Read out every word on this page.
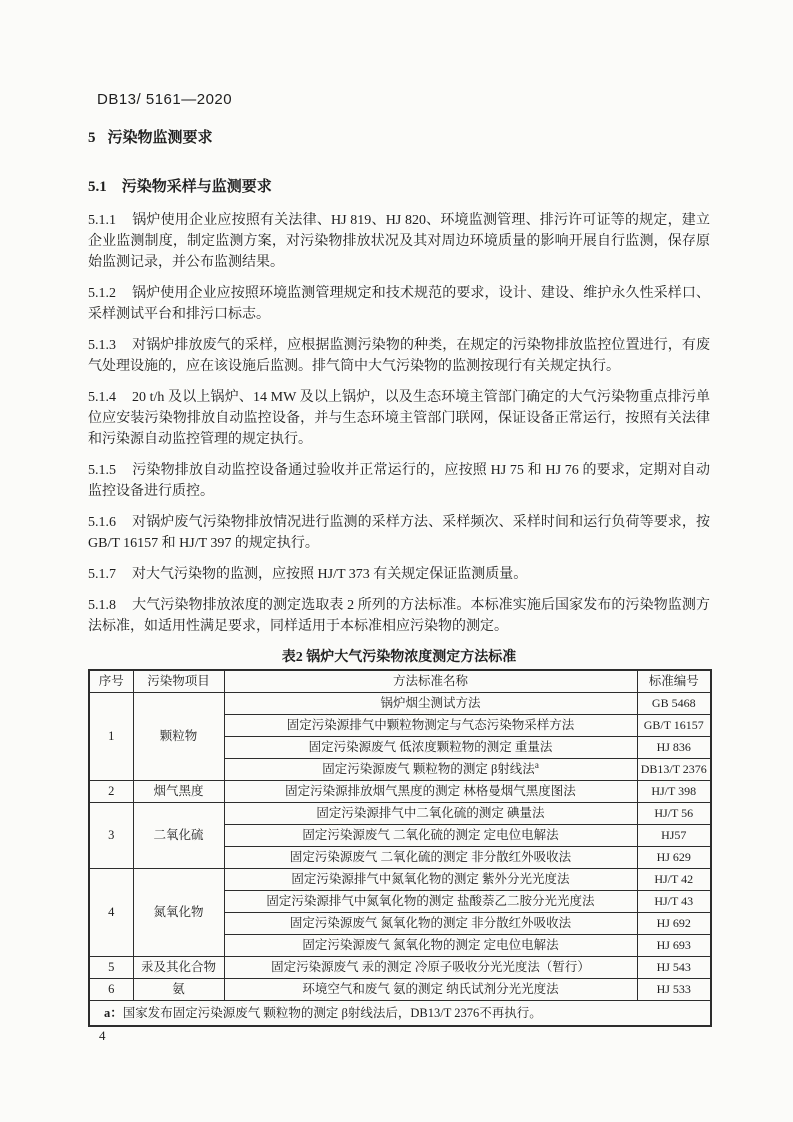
DB13/ 5161—2020
5 污染物监测要求
5.1 污染物采样与监测要求

5.1.1 锅炉使用企业应按照有关法律、HJ 819、HJ 820、环境监测管理、排污许可证等的规定，建立企业监测制度，制定监测方案，对污染物排放状况及其对周边环境质量的影响开展自行监测，保存原始监测记录，并公布监测结果。

5.1.2 锅炉使用企业应按照环境监测管理规定和技术规范的要求，设计、建设、维护永久性采样口、采样测试平台和排污口标志。

5.1.3 对锅炉排放废气的采样，应根据监测污染物的种类，在规定的污染物排放监控位置进行，有废气处理设施的，应在该设施后监测。排气筒中大气污染物的监测按现行有关规定执行。

5.1.4 20 t/h 及以上锅炉、14 MW 及以上锅炉，以及生态环境主管部门确定的大气污染物重点排污单位应安装污染物排放自动监控设备，并与生态环境主管部门联网，保证设备正常运行，按照有关法律和污染源自动监控管理的规定执行。

5.1.5 污染物排放自动监控设备通过验收并正常运行的，应按照 HJ 75 和 HJ 76 的要求，定期对自动监控设备进行质控。

5.1.6 对锅炉废气污染物排放情况进行监测的采样方法、采样频次、采样时间和运行负荷等要求，按 GB/T 16157 和 HJ/T 397 的规定执行。

5.1.7 对大气污染物的监测，应按照 HJ/T 373 有关规定保证监测质量。

5.1.8 大气污染物排放浓度的测定选取表 2 所列的方法标准。本标准实施后国家发布的污染物监测方法标准，如适用性满足要求，同样适用于本标准相应污染物的测定。

表2 锅炉大气污染物浓度测定方法标准
序号	污染物项目	方法标准名称	标准编号
1	颗粒物	锅炉烟尘测试方法	GB 5468
		固定污染源排气中颗粒物测定与气态污染物采样方法	GB/T 16157
		固定污染源废气 低浓度颗粒物的测定 重量法	HJ 836
		固定污染源废气 颗粒物的测定 β射线法$^a$	DB13/T 2376
2	烟气黑度	固定污染源排放烟气黑度的测定 林格曼烟气黑度图法	HJ/T 398
3	二氧化硫	固定污染源排气中二氧化硫的测定 碘量法	HJ/T 56
		固定污染源废气 二氧化硫的测定 定电位电解法	HJ57
		固定污染源废气 二氧化硫的测定 非分散红外吸收法	HJ 629
4	氮氧化物	固定污染源排气中氮氧化物的测定 紫外分光光度法	HJ/T 42
		固定污染源排气中氮氧化物的测定 盐酸萘乙二胺分光光度法	HJ/T 43
		固定污染源废气 氮氧化物的测定 非分散红外吸收法	HJ 692
		固定污染源废气 氮氧化物的测定 定电位电解法	HJ 693
5	汞及其化合物	固定污染源废气 汞的测定 冷原子吸收分光光度法（暂行）	HJ 543
6	氨	环境空气和废气 氨的测定 纳氏试剂分光光度法	HJ 533
a：国家发布固定污染源废气 颗粒物的测定 β射线法后，DB13/T 2376不再执行。			
4
